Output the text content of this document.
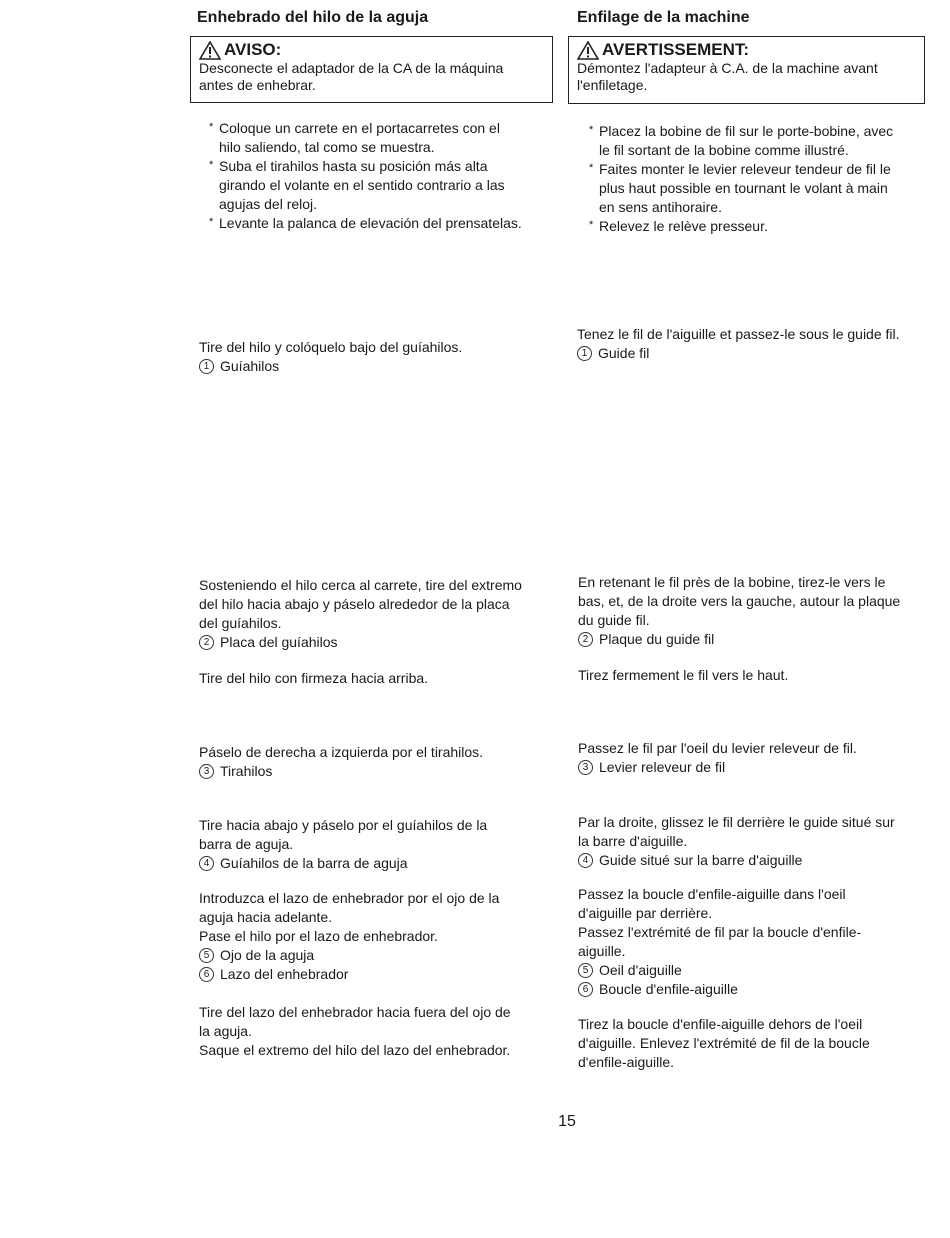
Enhebrado del hilo de la aguja
AVISO:
Desconecte el adaptador de la CA de la máquina
antes de enhebrar.
* Coloque un carrete en el portacarretes con el
hilo saliendo, tal como se muestra.
* Suba el tirahilos hasta su posición más alta
girando el volante en el sentido contrario a las
agujas del reloj.
* Levante la palanca de elevación del prensatelas.
Tire del hilo y colóquelo bajo del guíahilos.
1 Guíahilos
Sosteniendo el hilo cerca al carrete, tire del extremo
del hilo hacia abajo y páselo alrededor de la placa
del guíahilos.
2 Placa del guíahilos
Tire del hilo con firmeza hacia arriba.
Páselo de derecha a izquierda por el tirahilos.
3 Tirahilos
Tire hacia abajo y páselo por el guíahilos de la
barra de aguja.
4 Guíahilos de la barra de aguja
Introduzca el lazo de enhebrador por el ojo de la
aguja hacia adelante.
Pase el hilo por el lazo de enhebrador.
5 Ojo de la aguja
6 Lazo del enhebrador
Tire del lazo del enhebrador hacia fuera del ojo de
la aguja.
Saque el extremo del hilo del lazo del enhebrador.
Enfilage de la machine
AVERTISSEMENT:
Démontez l'adapteur à C.A. de la machine avant
l'enfiletage.
* Placez la bobine de fil sur le porte-bobine, avec
le fil sortant de la bobine comme illustré.
* Faites monter le levier releveur tendeur de fil le
plus haut possible en tournant le volant à main
en sens antihoraire.
* Relevez le relève presseur.
Tenez le fil de l'aiguille et passez-le sous le guide fil.
1 Guide fil
En retenant le fil près de la bobine, tirez-le vers le
bas, et, de la droite vers la gauche, autour la plaque
du guide fil.
2 Plaque du guide fil
Tirez fermement le fil vers le haut.
Passez le fil par l'oeil du levier releveur de fil.
3 Levier releveur de fil
Par la droite, glissez le fil derrière le guide situé sur
la barre d'aiguille.
4 Guide situé sur la barre d'aiguille
Passez la boucle d'enfile-aiguille dans l'oeil
d'aiguille par derrière.
Passez l'extrémité de fil par la boucle d'enfile-
aiguille.
5 Oeil d'aiguille
6 Boucle d'enfile-aiguille
Tirez la boucle d'enfile-aiguille dehors de l'oeil
d'aiguille. Enlevez l'extrémité de fil de la boucle
d'enfile-aiguille.
15
